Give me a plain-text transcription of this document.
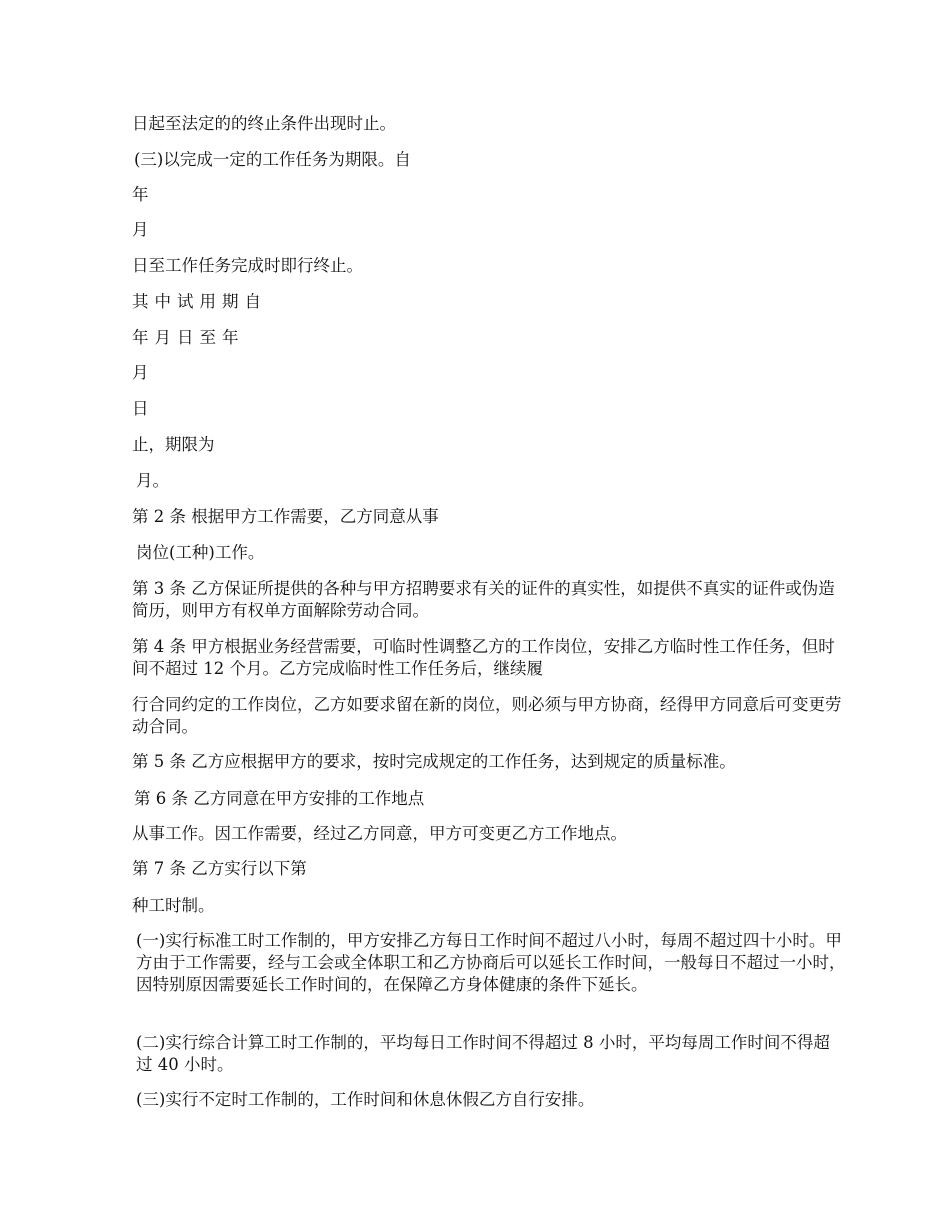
日起至法定的的终止条件出现时止。

(三)以完成一定的工作任务为期限。自

年

月

日至工作任务完成时即行终止。

其中试用期自

年月日至年

月

日

止，期限为

月。

第 2 条 根据甲方工作需要，乙方同意从事

岗位(工种)工作。

第 3 条 乙方保证所提供的各种与甲方招聘要求有关的证件的真实性，如提供不真实的证件或伪造简历，则甲方有权单方面解除劳动合同。

第 4 条 甲方根据业务经营需要，可临时性调整乙方的工作岗位，安排乙方临时性工作任务，但时间不超过 12 个月。乙方完成临时性工作任务后，继续履

行合同约定的工作岗位，乙方如要求留在新的岗位，则必须与甲方协商，经得甲方同意后可变更劳动合同。

第 5 条 乙方应根据甲方的要求，按时完成规定的工作任务，达到规定的质量标准。

第 6 条 乙方同意在甲方安排的工作地点

从事工作。因工作需要，经过乙方同意，甲方可变更乙方工作地点。

第 7 条 乙方实行以下第

种工时制。

(一)实行标准工时工作制的，甲方安排乙方每日工作时间不超过八小时，每周不超过四十小时。甲方由于工作需要，经与工会或全体职工和乙方协商后可以延长工作时间，一般每日不超过一小时，因特别原因需要延长工作时间的，在保障乙方身体健康的条件下延长。

(二)实行综合计算工时工作制的，平均每日工作时间不得超过 8 小时，平均每周工作时间不得超过 40 小时。

(三)实行不定时工作制的，工作时间和休息休假乙方自行安排。
